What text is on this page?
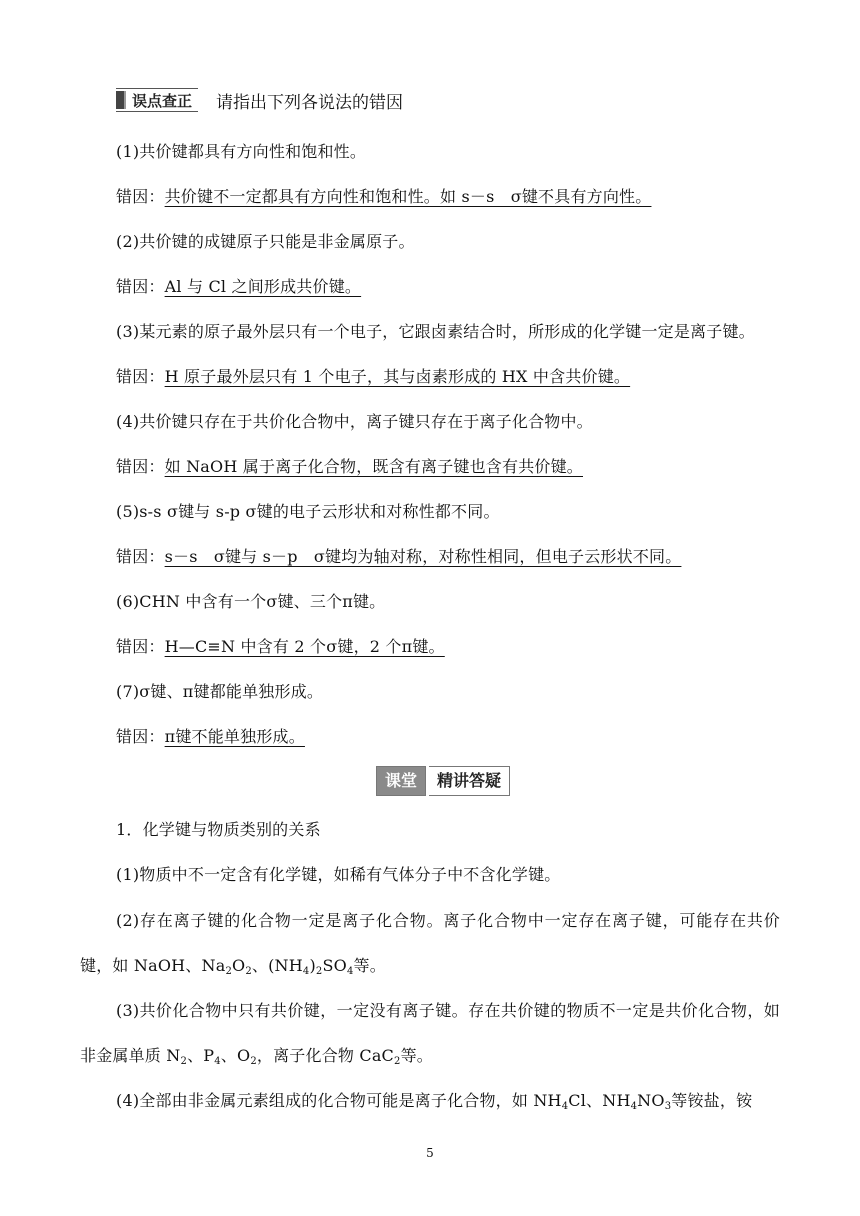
误点查正 请指出下列各说法的错因
(1)共价键都具有方向性和饱和性。
错因：共价键不一定都具有方向性和饱和性。如 s－s　σ键不具有方向性。
(2)共价键的成键原子只能是非金属原子。
错因：Al 与 Cl 之间形成共价键。
(3)某元素的原子最外层只有一个电子，它跟卤素结合时，所形成的化学键一定是离子键。
错因：H 原子最外层只有 1 个电子，其与卤素形成的 HX 中含共价键。
(4)共价键只存在于共价化合物中，离子键只存在于离子化合物中。
错因：如 NaOH 属于离子化合物，既含有离子键也含有共价键。
(5)s-s σ键与 s-p σ键的电子云形状和对称性都不同。
错因：s－s　σ键与 s－p　σ键均为轴对称，对称性相同，但电子云形状不同。
(6)CHN 中含有一个σ键、三个π键。
错因：H—C≡N 中含有 2 个σ键，2 个π键。
(7)σ键、π键都能单独形成。
错因：π键不能单独形成。
课堂	精讲答疑
1．化学键与物质类别的关系
(1)物质中不一定含有化学键，如稀有气体分子中不含化学键。
(2)存在离子键的化合物一定是离子化合物。离子化合物中一定存在离子键，可能存在共价键，如 NaOH、$Na_2O_2$、$(NH_4)_2SO_4$等。
(3)共价化合物中只有共价键，一定没有离子键。存在共价键的物质不一定是共价化合物，如非金属单质 $N_2$、$P_4$、$O_2$，离子化合物 CaC$_2$等。
(4)全部由非金属元素组成的化合物可能是离子化合物，如 $NH_4Cl$、$NH_4NO_3$等铵盐，铵
5
